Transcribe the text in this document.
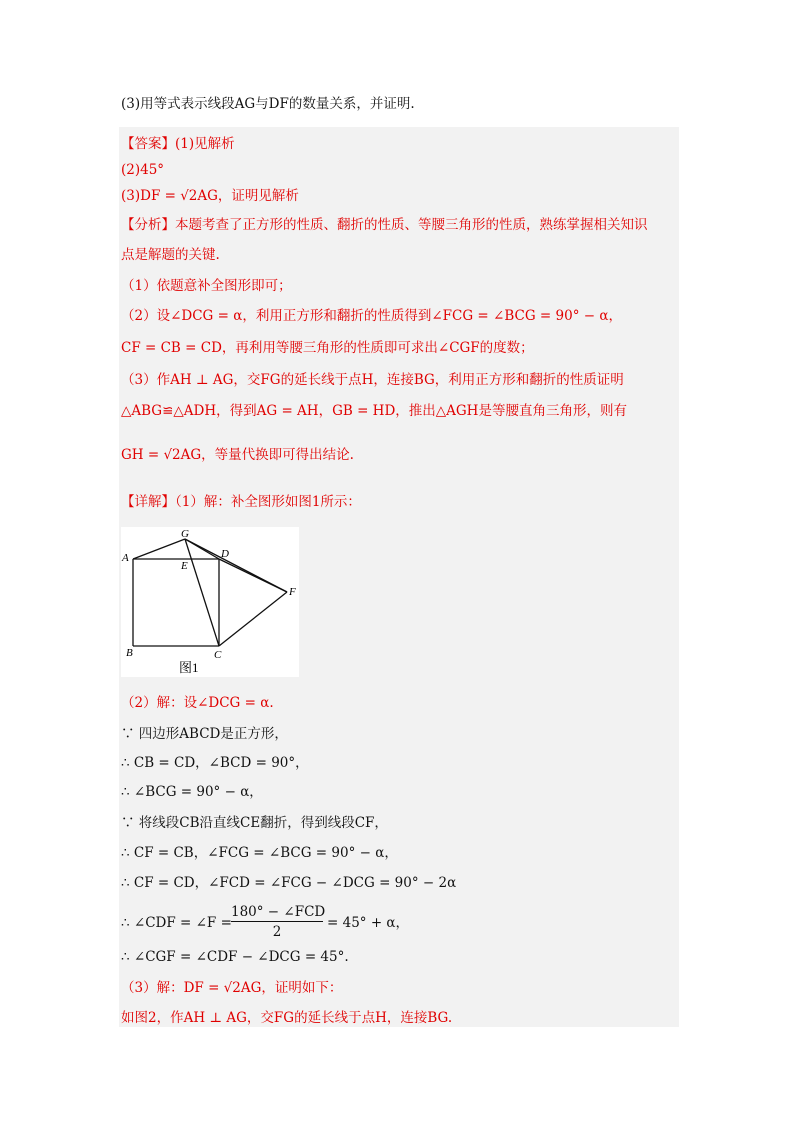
(3)用等式表示线段AG与DF的数量关系，并证明.
【答案】(1)见解析
(2)45°
(3)DF = √2AG，证明见解析
【分析】本题考查了正方形的性质、翻折的性质、等腰三角形的性质，熟练掌握相关知识
点是解题的关键.
（1）依题意补全图形即可；
（2）设∠DCG = α，利用正方形和翻折的性质得到∠FCG = ∠BCG = 90° − α，
CF = CB = CD，再利用等腰三角形的性质即可求出∠CGF的度数；
（3）作AH ⊥ AG，交FG的延长线于点H，连接BG，利用正方形和翻折的性质证明
△ABG≌△ADH，得到AG = AH，GB = HD，推出△AGH是等腰直角三角形，则有
GH = √2AG，等量代换即可得出结论.
【详解】（1）解：补全图形如图1所示：
A
B	C
D
E
F
G
图1
（2）解：设∠DCG = α.
∵ 四边形ABCD是正方形，
∴ CB = CD，∠BCD = 90°，
∴ ∠BCG = 90° − α，
∵ 将线段CB沿直线CE翻折，得到线段CF，
∴ CF = CB，∠FCG = ∠BCG = 90° − α，
∴ CF = CD，∠FCD = ∠FCG − ∠DCG = 90° − 2α
∴ ∠CDF = ∠F =
180° − ∠FCD
2
= 45° + α，
∴ ∠CGF = ∠CDF − ∠DCG = 45°.
（3）解：DF = √2AG，证明如下：
如图2，作AH ⊥ AG，交FG的延长线于点H，连接BG.
